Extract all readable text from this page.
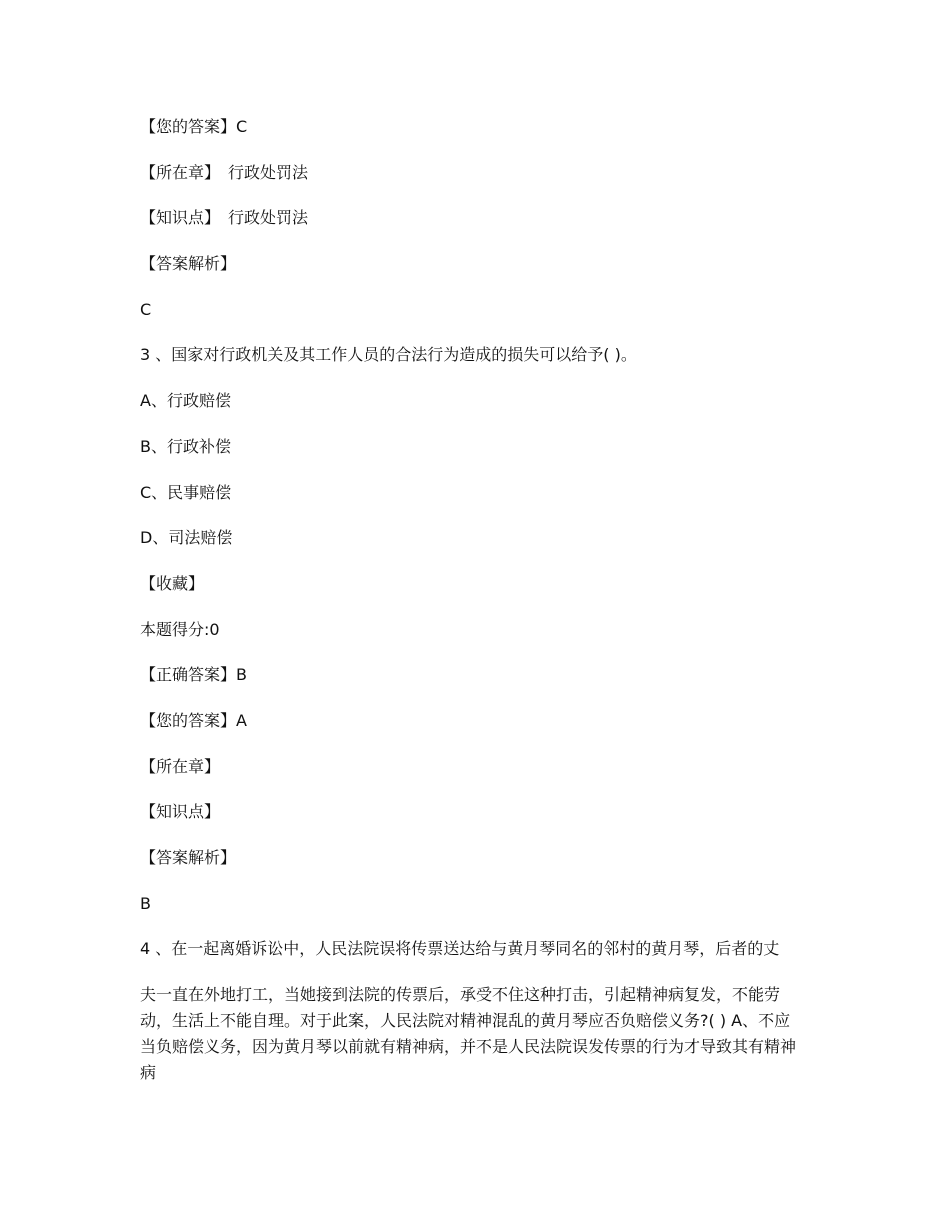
【您的答案】C
【所在章】 行政处罚法
【知识点】 行政处罚法
【答案解析】
C
3 、国家对行政机关及其工作人员的合法行为造成的损失可以给予( )。
A、行政赔偿
B、行政补偿
C、民事赔偿
D、司法赔偿
【收藏】
本题得分:0
【正确答案】B
【您的答案】A
【所在章】
【知识点】
【答案解析】
B
4 、在一起离婚诉讼中，人民法院误将传票送达给与黄月琴同名的邻村的黄月琴，后者的丈
夫一直在外地打工，当她接到法院的传票后，承受不住这种打击，引起精神病复发，不能劳动，生活上不能自理。对于此案，人民法院对精神混乱的黄月琴应否负赔偿义务?( ) A、不应当负赔偿义务，因为黄月琴以前就有精神病，并不是人民法院误发传票的行为才导致其有精神病
